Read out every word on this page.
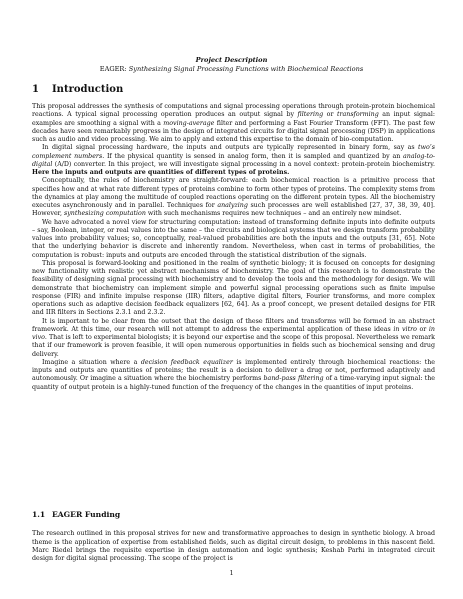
Project Description
EAGER: Synthesizing Signal Processing Functions with Biochemical Reactions
1 Introduction

This proposal addresses the synthesis of computations and signal processing operations through protein-protein biochemical reactions. A typical signal processing operation produces an output signal by filtering or transforming an input signal: examples are smoothing a signal with a moving-average filter and performing a Fast Fourier Transform (FFT). The past few decades have seen remarkably progress in the design of integrated circuits for digital signal processing (DSP) in applications such as audio and video processing. We aim to apply and extend this expertise to the domain of bio-computation.

In digital signal processing hardware, the inputs and outputs are typically represented in binary form, say as two’s complement numbers. If the physical quantity is sensed in analog form, then it is sampled and quantized by an analog-to-digital (A/D) converter. In this project, we will investigate signal processing in a novel context: protein-protein biochemistry. Here the inputs and outputs are quantities of different types of proteins.

Conceptually, the rules of biochemistry are straight-forward: each biochemical reaction is a primitive process that specifies how and at what rate different types of proteins combine to form other types of proteins. The complexity stems from the dynamics at play among the multitude of coupled reactions operating on the different protein types. All the biochemistry executes asynchronously and in parallel. Techniques for analyzing such processes are well established [27, 37, 38, 39, 40]. However, synthesizing computation with such mechanisms requires new techniques – and an entirely new mindset.

We have advocated a novel view for structuring computation: instead of transforming definite inputs into definite outputs – say, Boolean, integer, or real values into the same – the circuits and biological systems that we design transform probability values into probability values; so, conceptually, real-valued probabilities are both the inputs and the outputs [31, 65]. Note that the underlying behavior is discrete and inherently random. Nevertheless, when cast in terms of probabilities, the computation is robust: inputs and outputs are encoded through the statistical distribution of the signals.

This proposal is forward-looking and positioned in the realm of synthetic biology; it is focused on concepts for designing new functionality with realistic yet abstract mechanisms of biochemistry. The goal of this research is to demonstrate the feasibility of designing signal processing with biochemistry and to develop the tools and the methodology for design. We will demonstrate that biochemistry can implement simple and powerful signal processing operations such as finite impulse response (FIR) and infinite impulse response (IIR) filters, adaptive digital filters, Fourier transforms, and more complex operations such as adaptive decision feedback equalizers [62, 64]. As a proof concept, we present detailed designs for FIR and IIR filters in Sections 2.3.1 and 2.3.2.

It is important to be clear from the outset that the design of these filters and transforms will be formed in an abstract framework. At this time, our research will not attempt to address the experimental application of these ideas in vitro or in vivo. That is left to experimental biologists; it is beyond our expertise and the scope of this proposal. Nevertheless we remark that if our framework is proven feasible, it will open numerous opportunities in fields such as biochemical sensing and drug delivery.

Imagine a situation where a decision feedback equalizer is implemented entirely through biochemical reactions: the inputs and outputs are quantities of proteins; the result is a decision to deliver a drug or not, performed adaptively and autonomously. Or imagine a situation where the biochemistry performs band-pass filtering of a time-varying input signal: the quantity of output protein is a highly-tuned function of the frequency of the changes in the quantities of input proteins.

1.1 EAGER Funding

The research outlined in this proposal strives for new and transformative approaches to design in synthetic biology. A broad theme is the application of expertise from established fields, such as digital circuit design, to problems in this nascent field. Marc Riedel brings the requisite expertise in design automation and logic synthesis; Keshab Parhi in integrated circuit design for digital signal processing. The scope of the project is

1
